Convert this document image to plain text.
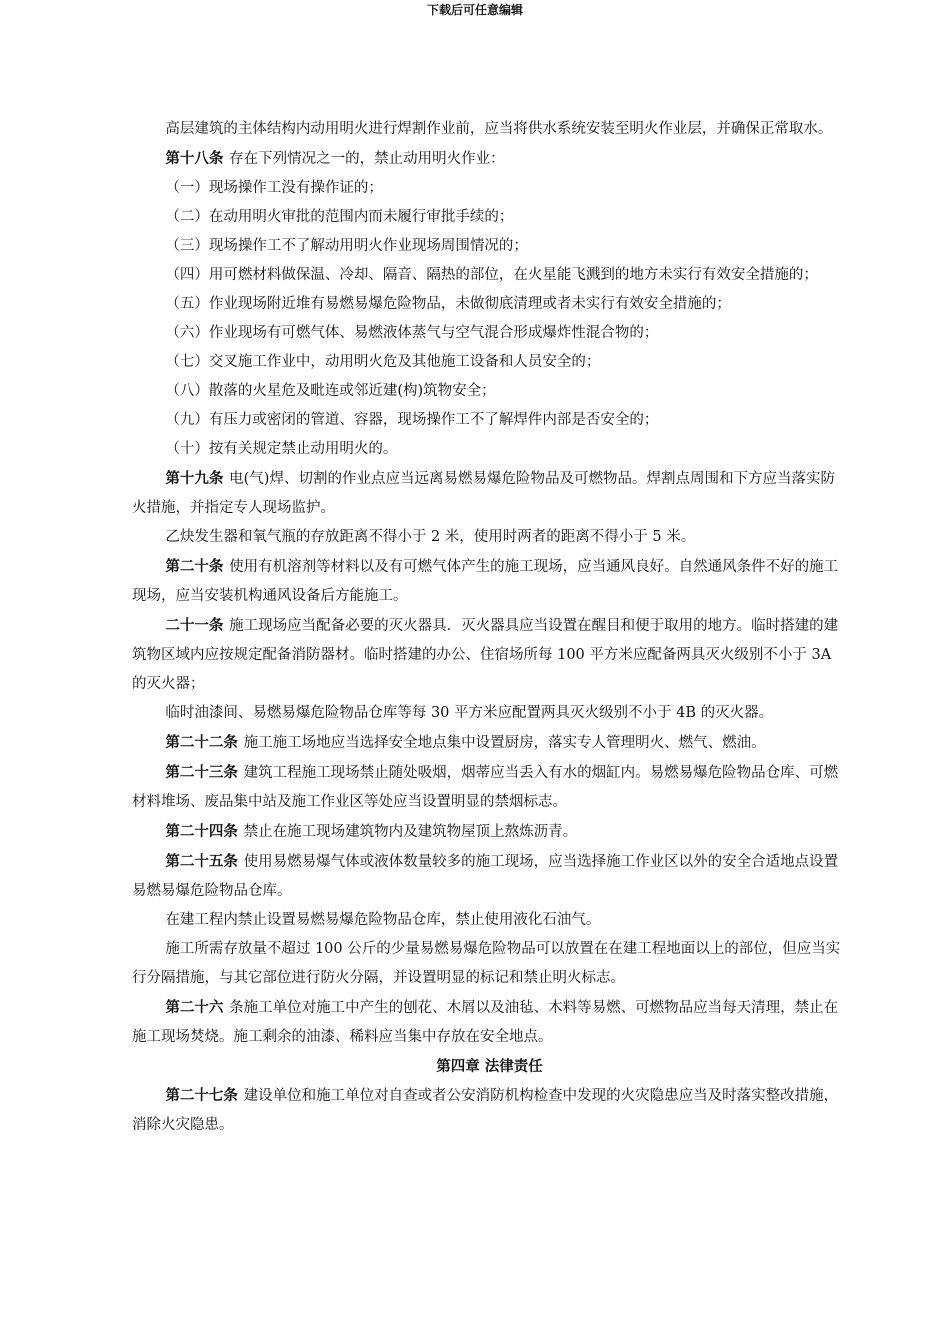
下载后可任意编辑

高层建筑的主体结构内动用明火进行焊割作业前，应当将供水系统安装至明火作业层，并确保正常取水。

第十八条 存在下列情况之一的，禁止动用明火作业：

（一）现场操作工没有操作证的；

（二）在动用明火审批的范围内而未履行审批手续的；

（三）现场操作工不了解动用明火作业现场周围情况的；

（四）用可燃材料做保温、冷却、隔音、隔热的部位，在火星能飞溅到的地方未实行有效安全措施的；

（五）作业现场附近堆有易燃易爆危险物品，未做彻底清理或者未实行有效安全措施的；

（六）作业现场有可燃气体、易燃液体蒸气与空气混合形成爆炸性混合物的；

（七）交叉施工作业中，动用明火危及其他施工设备和人员安全的；

（八）散落的火星危及毗连或邻近建(构)筑物安全；

（九）有压力或密闭的管道、容器，现场操作工不了解焊件内部是否安全的；

（十）按有关规定禁止动用明火的。

第十九条 电(气)焊、切割的作业点应当远离易燃易爆危险物品及可燃物品。焊割点周围和下方应当落实防火措施，并指定专人现场监护。

乙炔发生器和氧气瓶的存放距离不得小于 2 米，使用时两者的距离不得小于 5 米。

第二十条 使用有机溶剂等材料以及有可燃气体产生的施工现场，应当通风良好。自然通风条件不好的施工现场，应当安装机构通风设备后方能施工。

二十一条 施工现场应当配备必要的灭火器具．灭火器具应当设置在醒目和便于取用的地方。临时搭建的建筑物区域内应按规定配备消防器材。临时搭建的办公、住宿场所每 100 平方米应配备两具灭火级别不小于 3A 的灭火器；

临时油漆间、易燃易爆危险物品仓库等每 30 平方米应配置两具灭火级别不小于 4B 的灭火器。

第二十二条 施工施工场地应当选择安全地点集中设置厨房，落实专人管理明火、燃气、燃油。

第二十三条 建筑工程施工现场禁止随处吸烟，烟蒂应当丢入有水的烟缸内。易燃易爆危险物品仓库、可燃材料堆场、废品集中站及施工作业区等处应当设置明显的禁烟标志。

第二十四条 禁止在施工现场建筑物内及建筑物屋顶上熬炼沥青。

第二十五条 使用易燃易爆气体或液体数量较多的施工现场，应当选择施工作业区以外的安全合适地点设置易燃易爆危险物品仓库。

在建工程内禁止设置易燃易爆危险物品仓库，禁止使用液化石油气。

施工所需存放量不超过 100 公斤的少量易燃易爆危险物品可以放置在在建工程地面以上的部位，但应当实行分隔措施，与其它部位进行防火分隔，并设置明显的标记和禁止明火标志。

第二十六 条施工单位对施工中产生的刨花、木屑以及油毡、木料等易燃、可燃物品应当每天清理，禁止在施工现场焚烧。施工剩余的油漆、稀料应当集中存放在安全地点。

第四章 法律责任

第二十七条 建设单位和施工单位对自查或者公安消防机构检查中发现的火灾隐患应当及时落实整改措施，消除火灾隐患。
